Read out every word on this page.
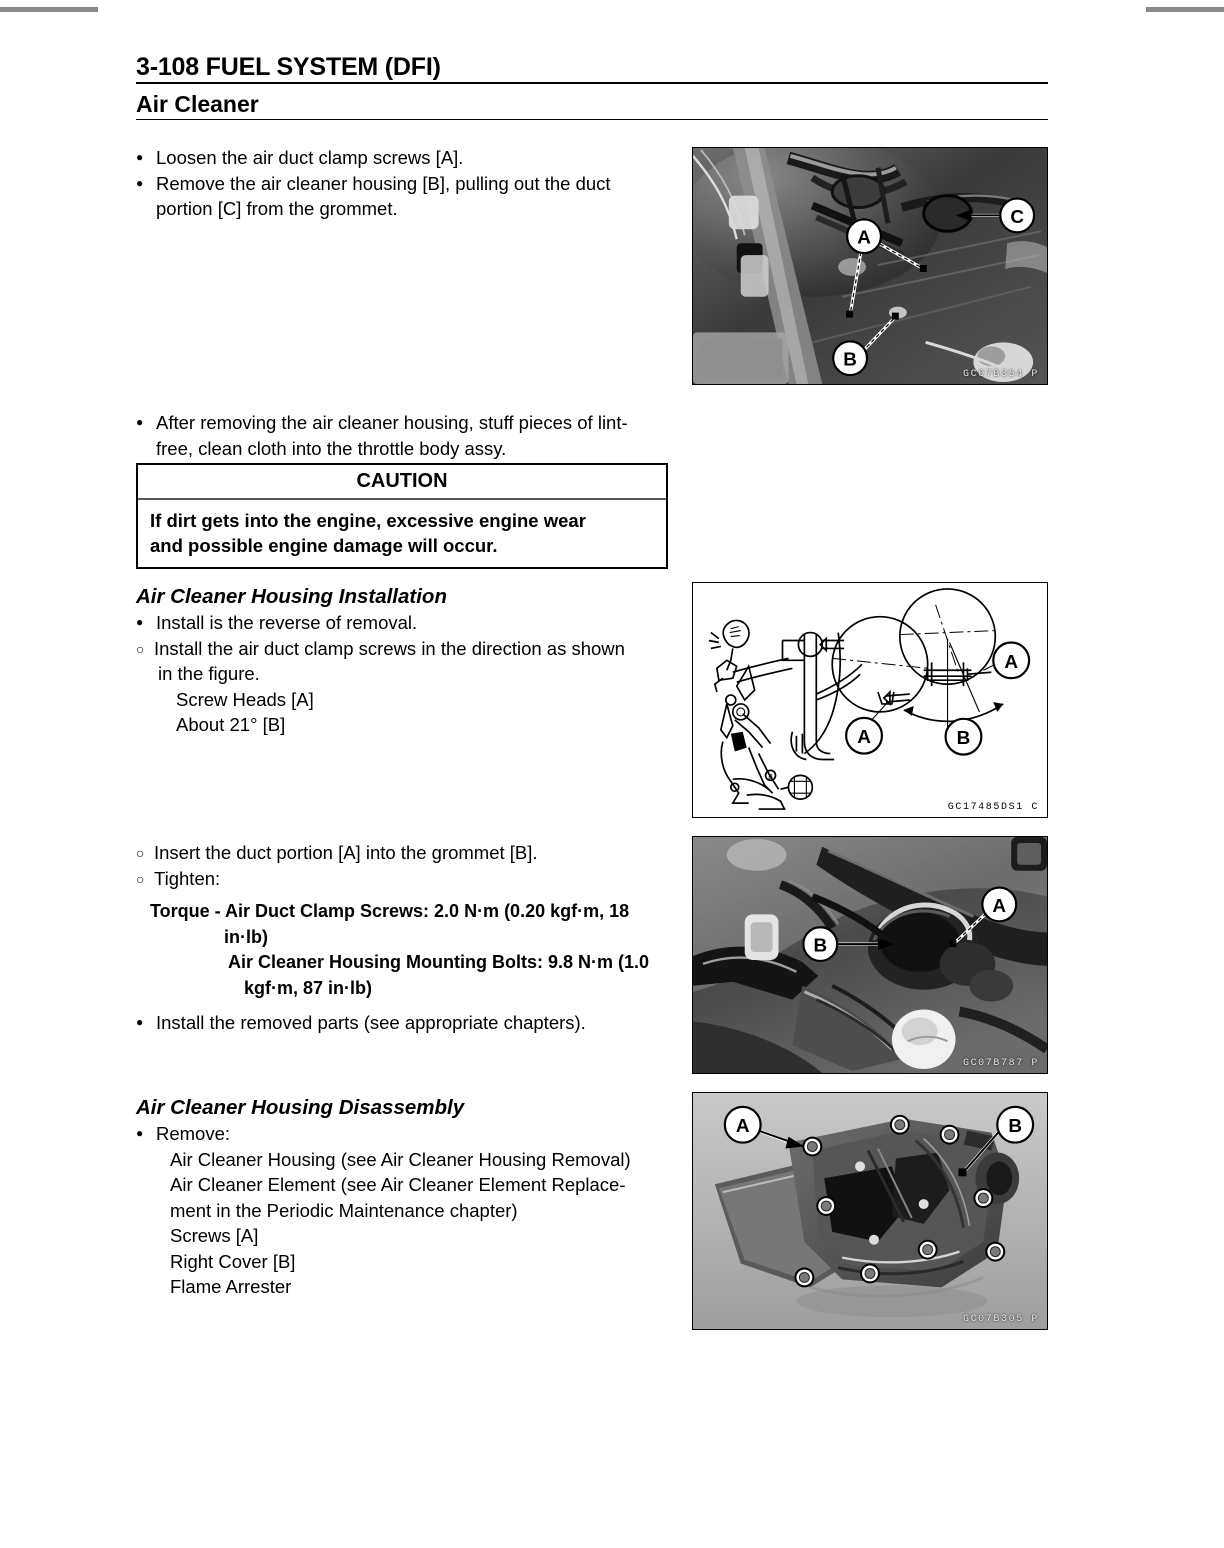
3-108 FUEL SYSTEM (DFI)
Air Cleaner
●
Loosen the air duct clamp screws [A].
●
Remove the air cleaner housing [B], pulling out the duct
portion [C] from the grommet.
●
After removing the air cleaner housing, stuff pieces of lint-
free, clean cloth into the throttle body assy.
CAUTION
If dirt gets into the engine, excessive engine wear
and possible engine damage will occur.
Air Cleaner Housing Installation
●
Install is the reverse of removal.
○
Install the air duct clamp screws in the direction as shown
in the figure.
Screw Heads [A]
About 21° [B]
○
Insert the duct portion [A] into the grommet [B].
○
Tighten:
Torque - Air Duct Clamp Screws: 2.0 N·m (0.20 kgf·m, 18
in·lb)
Air Cleaner Housing Mounting Bolts: 9.8 N·m (1.0
kgf·m, 87 in·lb)
●
Install the removed parts (see appropriate chapters).
Air Cleaner Housing Disassembly
●
Remove:
Air Cleaner Housing (see Air Cleaner Housing Removal)
Air Cleaner Element (see Air Cleaner Element Replace-
ment in the Periodic Maintenance chapter)
Screws [A]
Right Cover [B]
Flame Arrester
A
B
C
GC07B354 P
B
A
A
B
GC17485DS1 C
A
B
GC07B787 P
A	B
GC07B305 P
